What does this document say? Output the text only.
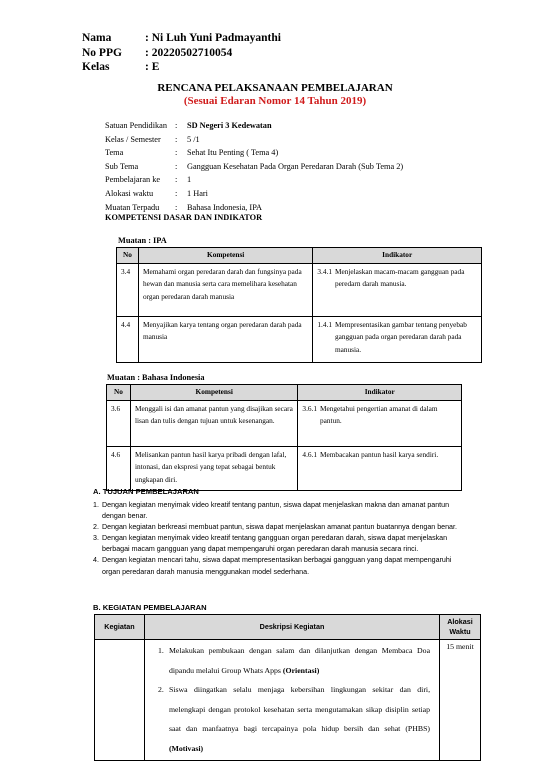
Nama	: Ni Luh Yuni Padmayanthi
No PPG	: 20220502710054
Kelas	: E
RENCANA PELAKSANAAN PEMBELAJARAN
(Sesuai Edaran Nomor 14 Tahun 2019)
Satuan Pendidikan :	SD Negeri 3 Kedewatan
Kelas / Semester	:	5 /1
Tema	:	Sehat Itu Penting ( Tema 4)
Sub Tema	:	Gangguan Kesehatan Pada Organ Peredaran Darah (Sub Tema 2)
Pembelajaran ke	:	1
Alokasi waktu	:	1 Hari
Muatan Terpadu	:	Bahasa Indonesia, IPA
KOMPETENSI DASAR DAN INDIKATOR
Muatan : IPA
No	Kompetensi	Indikator
3.4	Memahami organ peredaran darah dan fungsinya pada hewan dan manusia serta cara memelihara kesehatan organ peredaran darah manusia	3.4.1 Menjelaskan macam-macam gangguan pada peredarn darah manusia.

4.4	Menyajikan karya tentang organ peredaran darah pada manusia	1.4.1 Mempresentasikan gambar tentang penyebab gangguan pada organ peredaran darah pada manusia.
Muatan : Bahasa Indonesia
No	Kompetensi	Indikator
3.6	Menggali isi dan amanat pantun yang disajikan secara lisan dan tulis dengan tujuan untuk kesenangan.	3.6.1 Mengetahui pengertian amanat di dalam pantun.

4.6	Melisankan pantun hasil karya pribadi dengan lafal, intonasi, dan ekspresi yang tepat sebagai bentuk ungkapan diri.	4.6.1 Membacakan pantun hasil karya sendiri.
A. TUJUAN PEMBELAJARAN
1. Dengan kegiatan menyimak video kreatif tentang pantun, siswa dapat menjelaskan makna dan amanat pantun dengan benar.
2. Dengan kegiatan berkreasi membuat pantun, siswa dapat menjelaskan amanat pantun buatannya dengan benar.
3. Dengan kegiatan menyimak video kreatif tentang gangguan organ peredaran darah, siswa dapat menjelaskan berbagai macam gangguan yang dapat mempengaruhi organ peredaran darah manusia secara rinci.
4. Dengan kegiatan mencari tahu, siswa dapat mempresentasikan berbagai gangguan yang dapat mempengaruhi organ peredaran darah manusia menggunakan model sederhana.
B. KEGIATAN PEMBELAJARAN
Kegiatan	Deskripsi Kegiatan	Alokasi Waktu

	1. Melakukan pembukaan dengan salam dan dilanjutkan dengan Membaca Doa dipandu melalui Group Whats Apps (Orientasi)
2. Siswa diingatkan selalu menjaga kebersihan lingkungan sekitar dan diri, melengkapi dengan protokol kesehatan serta mengutamakan sikap disiplin setiap saat dan manfaatnya bagi tercapainya pola hidup bersih dan sehat (PHBS) (Motivasi)	15 menit
